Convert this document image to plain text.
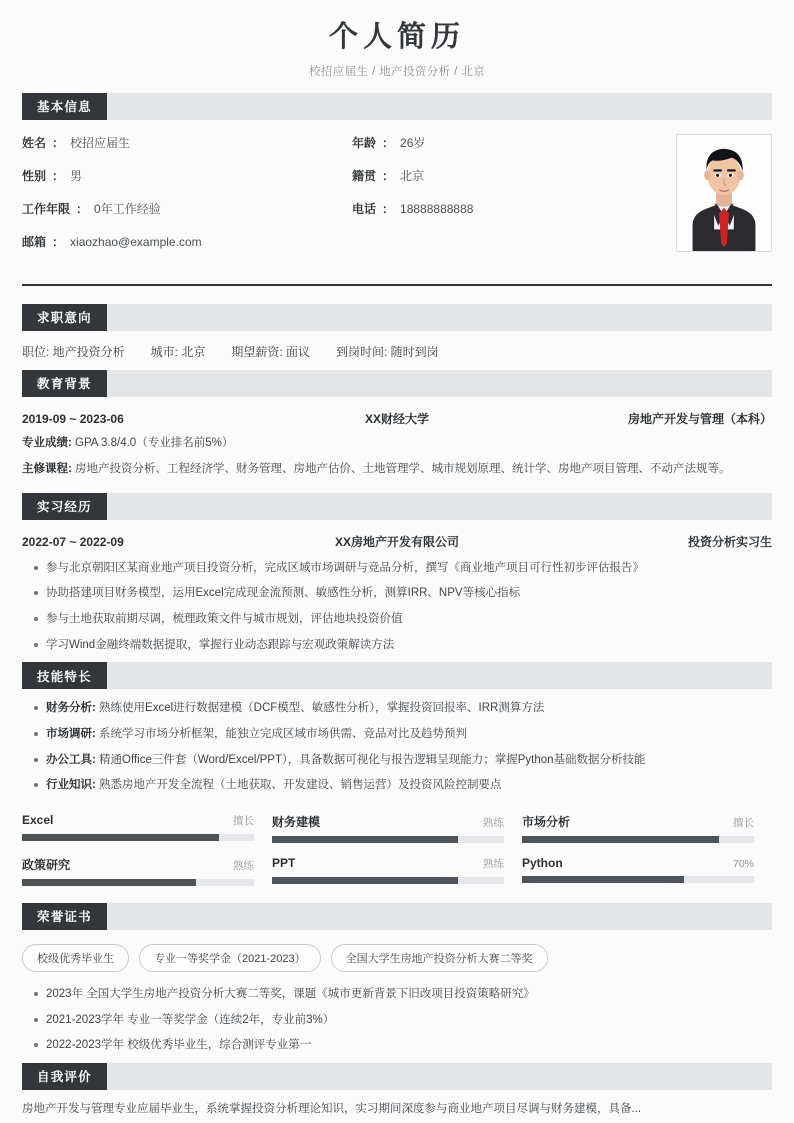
个人简历
校招应届生 / 地产投资分析 / 北京
基本信息
姓名 ： 校招应届生	年龄 ： 26岁
性别 ： 男	籍贯 ： 北京
工作年限 ： 0年工作经验	电话 ： 18888888888
邮箱 ： xiaozhao@example.com
求职意向
职位: 地产投资分析 城市: 北京 期望薪资: 面议 到岗时间: 随时到岗
教育背景
2019-09 ~ 2023-06	XX财经大学	房地产开发与管理（本科）
专业成绩: GPA 3.8/4.0（专业排名前5%）
主修课程: 房地产投资分析、工程经济学、财务管理、房地产估价、土地管理学、城市规划原理、统计学、房地产项目管理、不动产法规等。
实习经历
2022-07 ~ 2022-09	XX房地产开发有限公司	投资分析实习生
参与北京朝阳区某商业地产项目投资分析，完成区域市场调研与竞品分析，撰写《商业地产项目可行性初步评估报告》
协助搭建项目财务模型，运用Excel完成现金流预测、敏感性分析，测算IRR、NPV等核心指标
参与土地获取前期尽调，梳理政策文件与城市规划，评估地块投资价值
学习Wind金融终端数据提取，掌握行业动态跟踪与宏观政策解读方法
技能特长
财务分析: 熟练使用Excel进行数据建模（DCF模型、敏感性分析），掌握投资回报率、IRR测算方法
市场调研: 系统学习市场分析框架，能独立完成区域市场供需、竞品对比及趋势预判
办公工具: 精通Office三件套（Word/Excel/PPT），具备数据可视化与报告逻辑呈现能力；掌握Python基础数据分析技能
行业知识: 熟悉房地产开发全流程（土地获取、开发建设、销售运营）及投资风险控制要点
Excel	擅长 财务建模	熟练 市场分析	擅长
政策研究	熟练 PPT	熟练 Python	70%
荣誉证书
校级优秀毕业生	专业一等奖学金（2021-2023）	全国大学生房地产投资分析大赛二等奖
2023年 全国大学生房地产投资分析大赛二等奖，课题《城市更新背景下旧改项目投资策略研究》
2021-2023学年 专业一等奖学金（连续2年，专业前3%）
2022-2023学年 校级优秀毕业生，综合测评专业第一
自我评价
房地产开发与管理专业应届毕业生，系统掌握投资分析理论知识，实习期间深度参与商业地产项目尽调与财务建模，具备...
